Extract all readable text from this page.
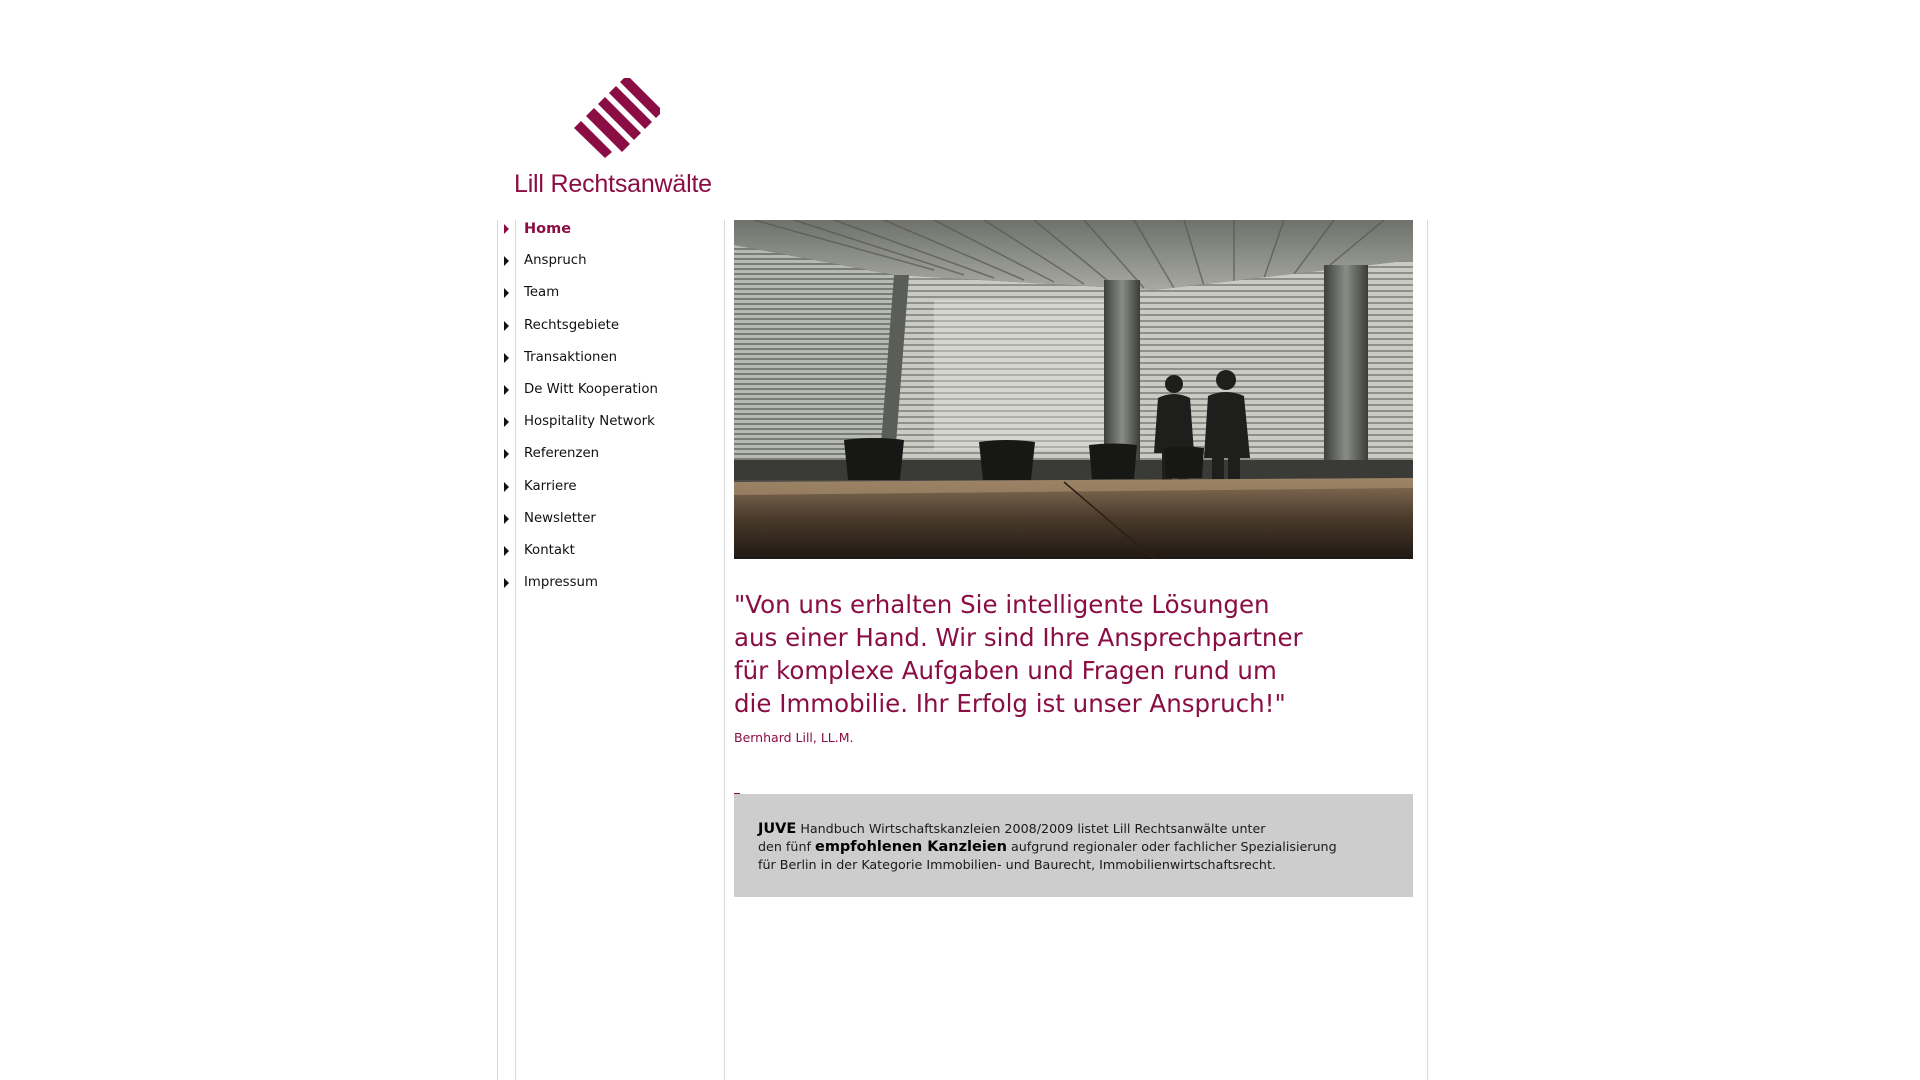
Lill Rechtsanwälte
Home
Anspruch
Team
Rechtsgebiete
Transaktionen
De Witt Kooperation
Hospitality Network
Referenzen
Karriere
Newsletter
Kontakt
Impressum

"Von uns erhalten Sie intelligente Lösungen
aus einer Hand. Wir sind Ihre Ansprechpartner
für komplexe Aufgaben und Fragen rund um
die Immobilie. Ihr Erfolg ist unser Anspruch!"

Bernhard Lill, LL.M.
JUVE Handbuch Wirtschaftskanzleien 2008/2009 listet Lill Rechtsanwälte unter
den fünf empfohlenen Kanzleien aufgrund regionaler oder fachlicher Spezialisierung
für Berlin in der Kategorie Immobilien- und Baurecht, Immobilienwirtschaftsrecht.
